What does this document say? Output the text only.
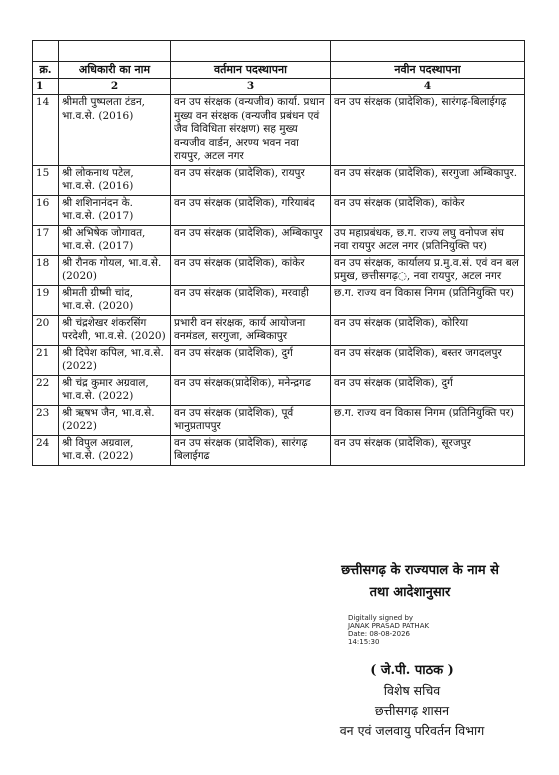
क्र.	अधिकारी का नाम	वर्तमान पदस्थापना	नवीन पदस्थापना
1	2	3	4
14	श्रीमती पुष्पलता टंडन, भा.व.से. (2016)	वन उप संरक्षक (वन्यजीव) कार्या. प्रधान मुख्य वन संरक्षक (वन्यजीव प्रबंधन एवं जैव विविधिता संरक्षण) सह मुख्य वन्यजीव वार्डन, अरण्य भवन नवा रायपुर, अटल नगर	वन उप संरक्षक (प्रादेशिक), सारंगढ़-बिलाईगढ़
15	श्री लोकनाथ पटेल, भा.व.से. (2016)	वन उप संरक्षक (प्रादेशिक), रायपुर	वन उप संरक्षक (प्रादेशिक), सरगुजा अम्बिकापुर.
16	श्री शशिनानंदन के. भा.व.से. (2017)	वन उप संरक्षक (प्रादेशिक), गरियाबंद	वन उप संरक्षक (प्रादेशिक), कांकेर
17	श्री अभिषेक जोगावत, भा.व.से. (2017)	वन उप संरक्षक (प्रादेशिक), अम्बिकापुर	उप महाप्रबंधक, छ.ग. राज्य लघु वनोपज संघ नवा रायपुर अटल नगर (प्रतिनियुक्ति पर)
18	श्री रौनक गोयल, भा.व.से. (2020)	वन उप संरक्षक (प्रादेशिक), कांकेर	वन उप संरक्षक, कार्यालय प्र.मु.व.सं. एवं वन बल प्रमुख, छत्तीसगढ़◌, नवा रायपुर, अटल नगर
19	श्रीमती ग्रीष्मी चांद, भा.व.से. (2020)	वन उप संरक्षक (प्रादेशिक), मरवाही	छ.ग. राज्य वन विकास निगम (प्रतिनियुक्ति पर)
20	श्री चंद्रशेखर शंकरसिंग परदेशी, भा.व.से. (2020)	प्रभारी वन संरक्षक, कार्य आयोजना वनमंडल, सरगुजा, अम्बिकापुर	वन उप संरक्षक (प्रादेशिक), कोरिया
21	श्री दिपेश कपिल, भा.व.से. (2022)	वन उप संरक्षक (प्रादेशिक), दुर्ग	वन उप संरक्षक (प्रादेशिक), बस्तर जगदलपुर
22	श्री चंद्र कुमार अग्रवाल, भा.व.से. (2022)	वन उप संरक्षक(प्रादेशिक), मनेन्द्रगढ	वन उप संरक्षक (प्रादेशिक), दुर्ग
23	श्री ऋषभ जैन, भा.व.से. (2022)	वन उप संरक्षक (प्रादेशिक), पूर्व भानुप्रतापपुर	छ.ग. राज्य वन विकास निगम (प्रतिनियुक्ति पर)
24	श्री विपुल अग्रवाल, भा.व.से. (2022)	वन उप संरक्षक (प्रादेशिक), सारंगढ़ बिलाईगढ	वन उप संरक्षक (प्रादेशिक), सूरजपुर
छत्तीसगढ़ के राज्यपाल के नाम से
तथा आदेशानुसार
Digitally signed by
JANAK PRASAD PATHAK
Date: 08-08-2026
14:15:30
( जे.पी. पाठक )
विशेष सचिव
छत्तीसगढ़ शासन
वन एवं जलवायु परिवर्तन विभाग
